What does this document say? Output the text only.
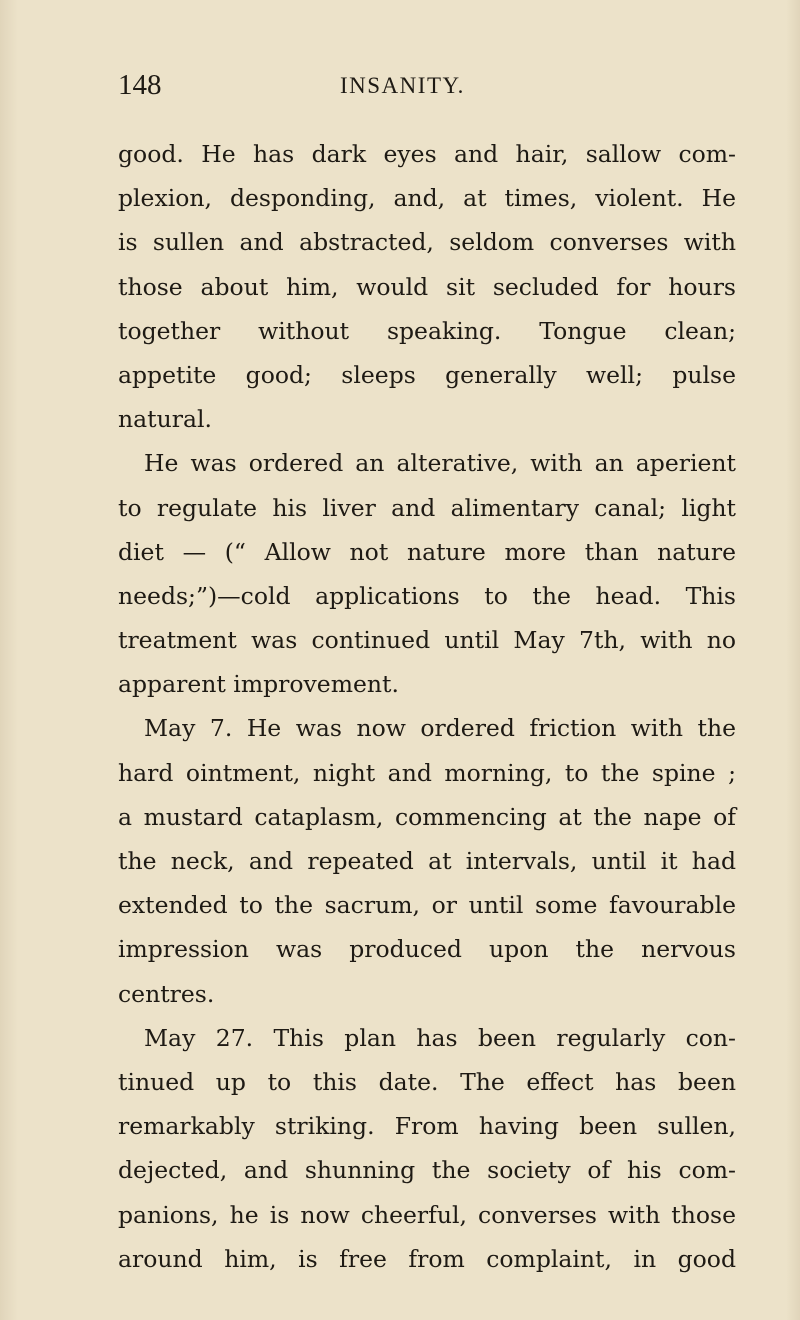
148	INSANITY.
good. He has dark eyes and hair, sallow com-
plexion, desponding, and, at times, violent. He
is sullen and abstracted, seldom converses with
those about him, would sit secluded for hours
together without speaking. Tongue clean;
appetite good; sleeps generally well; pulse
natural.
He was ordered an alterative, with an aperient
to regulate his liver and alimentary canal; light
diet — (“ Allow not nature more than nature
needs;”)—cold applications to the head. This
treatment was continued until May 7th, with no
apparent improvement.
May 7. He was now ordered friction with the
hard ointment, night and morning, to the spine ;
a mustard cataplasm, commencing at the nape of
the neck, and repeated at intervals, until it had
extended to the sacrum, or until some favourable
impression was produced upon the nervous
centres.
May 27. This plan has been regularly con-
tinued up to this date. The effect has been
remarkably striking. From having been sullen,
dejected, and shunning the society of his com-
panions, he is now cheerful, converses with those
around him, is free from complaint, in good
